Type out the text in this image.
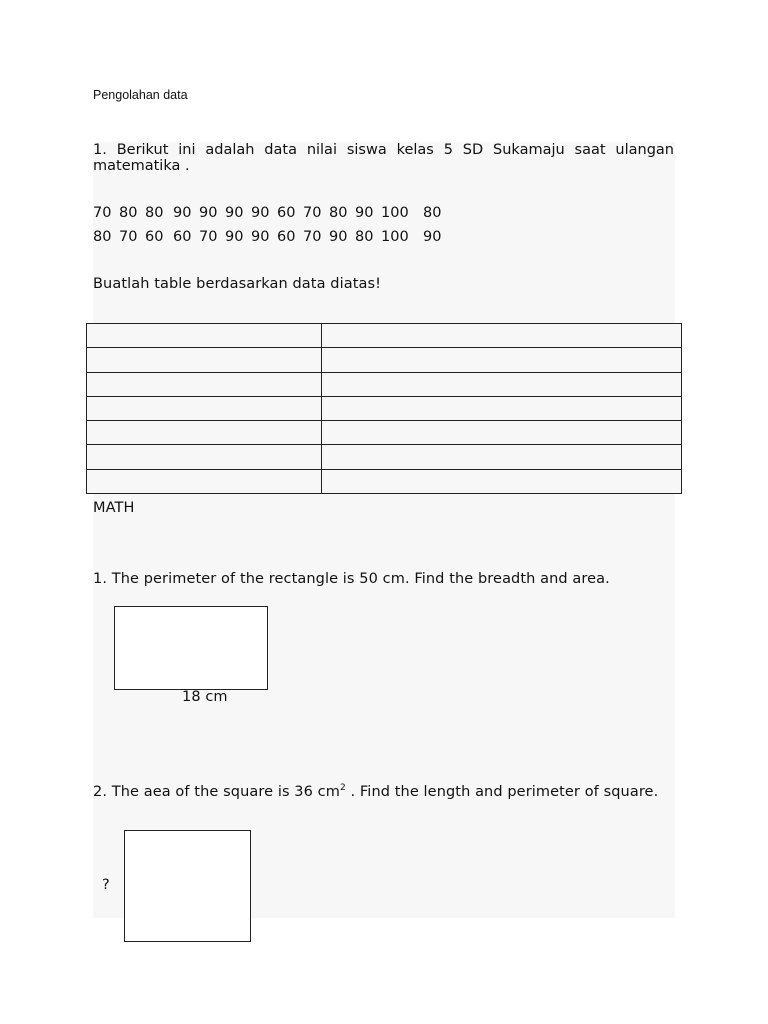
Pengolahan data
1. Berikut ini adalah data nilai siswa kelas 5 SD Sukamaju saat ulangan matematika .
70 80 80 90 90 90 90 60 70 80 90 100 80
80 70 60 60 70 90 90 60 70 90 80 100 90
Buatlah table berdasarkan data diatas!

MATH
1. The perimeter of the rectangle is 50 cm. Find the breadth and area.
18 cm
2. The aea of the square is 36 $cm^2$ . Find the length and perimeter of square.
?
